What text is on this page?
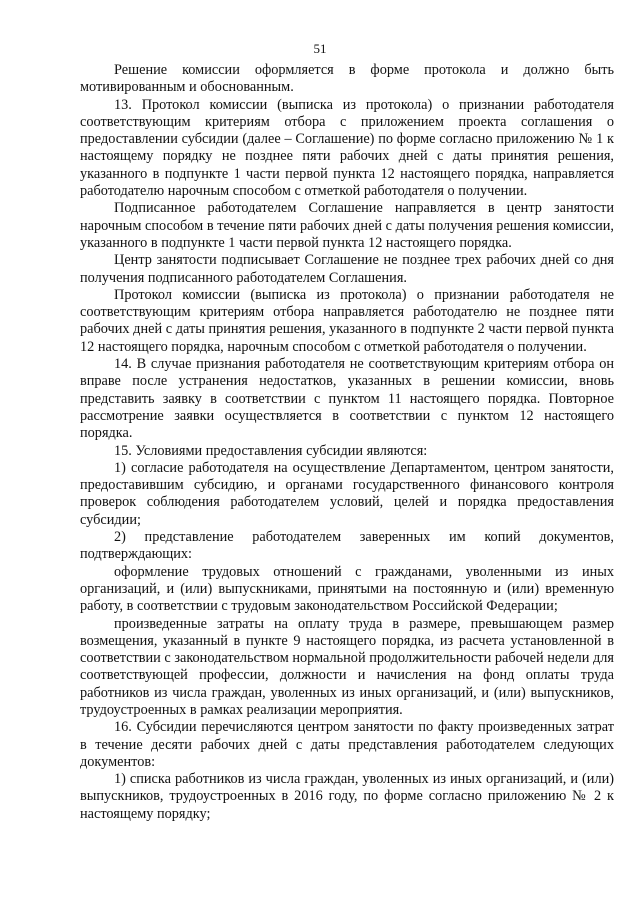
51

Решение комиссии оформляется в форме протокола и должно быть мотивированным и обоснованным.

13. Протокол комиссии (выписка из протокола) о признании работодателя соответствующим критериям отбора с приложением проекта соглашения о предоставлении субсидии (далее – Соглашение) по форме согласно приложению № 1 к настоящему порядку не позднее пяти рабочих дней с даты принятия решения, указанного в подпункте 1 части первой пункта 12 настоящего порядка, направляется работодателю нарочным способом с отметкой работодателя о получении.

Подписанное работодателем Соглашение направляется в центр занятости нарочным способом в течение пяти рабочих дней с даты получения решения комиссии, указанного в подпункте 1 части первой пункта 12 настоящего порядка.

Центр занятости подписывает Соглашение не позднее трех рабочих дней со дня получения подписанного работодателем Соглашения.

Протокол комиссии (выписка из протокола) о признании работодателя не соответствующим критериям отбора направляется работодателю не позднее пяти рабочих дней с даты принятия решения, указанного в подпункте 2 части первой пункта 12 настоящего порядка, нарочным способом с отметкой работодателя о получении.

14. В случае признания работодателя не соответствующим критериям отбора он вправе после устранения недостатков, указанных в решении комиссии, вновь представить заявку в соответствии с пунктом 11 настоящего порядка. Повторное рассмотрение заявки осуществляется в соответствии с пунктом 12 настоящего порядка.

15. Условиями предоставления субсидии являются:

1) согласие работодателя на осуществление Департаментом, центром занятости, предоставившим субсидию, и органами государственного финансового контроля проверок соблюдения работодателем условий, целей и порядка предоставления субсидии;

2) представление работодателем заверенных им копий документов, подтверждающих:

оформление трудовых отношений с гражданами, уволенными из иных организаций, и (или) выпускниками, принятыми на постоянную и (или) временную работу, в соответствии с трудовым законодательством Российской Федерации;

произведенные затраты на оплату труда в размере, превышающем размер возмещения, указанный в пункте 9 настоящего порядка, из расчета установленной в соответствии с законодательством нормальной продолжительности рабочей недели для соответствующей профессии, должности и начисления на фонд оплаты труда работников из числа граждан, уволенных из иных организаций, и (или) выпускников, трудоустроенных в рамках реализации мероприятия.

16. Субсидии перечисляются центром занятости по факту произведенных затрат в течение десяти рабочих дней с даты представления работодателем следующих документов:

1) списка работников из числа граждан, уволенных из иных организаций, и (или) выпускников, трудоустроенных в 2016 году, по форме согласно приложению № 2 к настоящему порядку;
